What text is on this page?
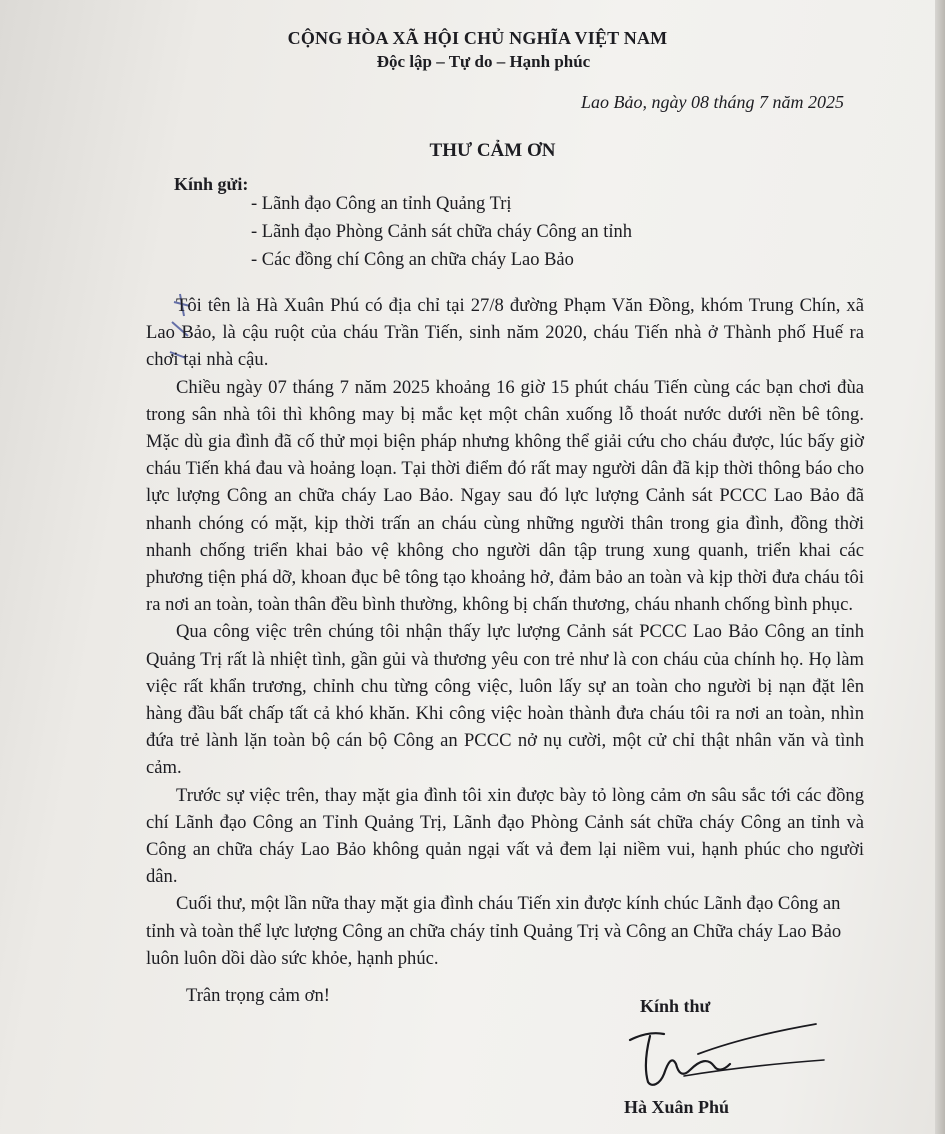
CỘNG HÒA XÃ HỘI CHỦ NGHĨA VIỆT NAM
Độc lập – Tự do – Hạnh phúc
Lao Bảo, ngày 08 tháng 7 năm 2025
THƯ CẢM ƠN
Kính gửi:
- Lãnh đạo Công an tỉnh Quảng Trị
- Lãnh đạo Phòng Cảnh sát chữa cháy Công an tỉnh
- Các đồng chí Công an chữa cháy Lao Bảo

Tôi tên là Hà Xuân Phú có địa chỉ tại 27/8 đường Phạm Văn Đồng, khóm Trung Chín, xã Lao Bảo, là cậu ruột của cháu Trần Tiến, sinh năm 2020, cháu Tiến nhà ở Thành phố Huế ra chơi tại nhà cậu.

Chiều ngày 07 tháng 7 năm 2025 khoảng 16 giờ 15 phút cháu Tiến cùng các bạn chơi đùa trong sân nhà tôi thì không may bị mắc kẹt một chân xuống lỗ thoát nước dưới nền bê tông. Mặc dù gia đình đã cố thử mọi biện pháp nhưng không thể giải cứu cho cháu được, lúc bấy giờ cháu Tiến khá đau và hoảng loạn. Tại thời điểm đó rất may người dân đã kịp thời thông báo cho lực lượng Công an chữa cháy Lao Bảo. Ngay sau đó lực lượng Cảnh sát PCCC Lao Bảo đã nhanh chóng có mặt, kịp thời trấn an cháu cùng những người thân trong gia đình, đồng thời nhanh chống triển khai bảo vệ không cho người dân tập trung xung quanh, triển khai các phương tiện phá dỡ, khoan đục bê tông tạo khoảng hở, đảm bảo an toàn và kịp thời đưa cháu tôi ra nơi an toàn, toàn thân đều bình thường, không bị chấn thương, cháu nhanh chống bình phục.

Qua công việc trên chúng tôi nhận thấy lực lượng Cảnh sát PCCC Lao Bảo Công an tỉnh Quảng Trị rất là nhiệt tình, gần gủi và thương yêu con trẻ như là con cháu của chính họ. Họ làm việc rất khẩn trương, chỉnh chu từng công việc, luôn lấy sự an toàn cho người bị nạn đặt lên hàng đầu bất chấp tất cả khó khăn. Khi công việc hoàn thành đưa cháu tôi ra nơi an toàn, nhìn đứa trẻ lành lặn toàn bộ cán bộ Công an PCCC nở nụ cười, một cử chỉ thật nhân văn và tình cảm.

Trước sự việc trên, thay mặt gia đình tôi xin được bày tỏ lòng cảm ơn sâu sắc tới các đồng chí Lãnh đạo Công an Tỉnh Quảng Trị, Lãnh đạo Phòng Cảnh sát chữa cháy Công an tỉnh và Công an chữa cháy Lao Bảo không quản ngại vất vả đem lại niềm vui, hạnh phúc cho người dân.

Cuối thư, một lần nữa thay mặt gia đình cháu Tiến xin được kính chúc Lãnh đạo Công an tỉnh và toàn thể lực lượng Công an chữa cháy tỉnh Quảng Trị và Công an Chữa cháy Lao Bảo luôn luôn dồi dào sức khỏe, hạnh phúc.

Trân trọng cảm ơn!	Kính thư
Hà Xuân Phú
